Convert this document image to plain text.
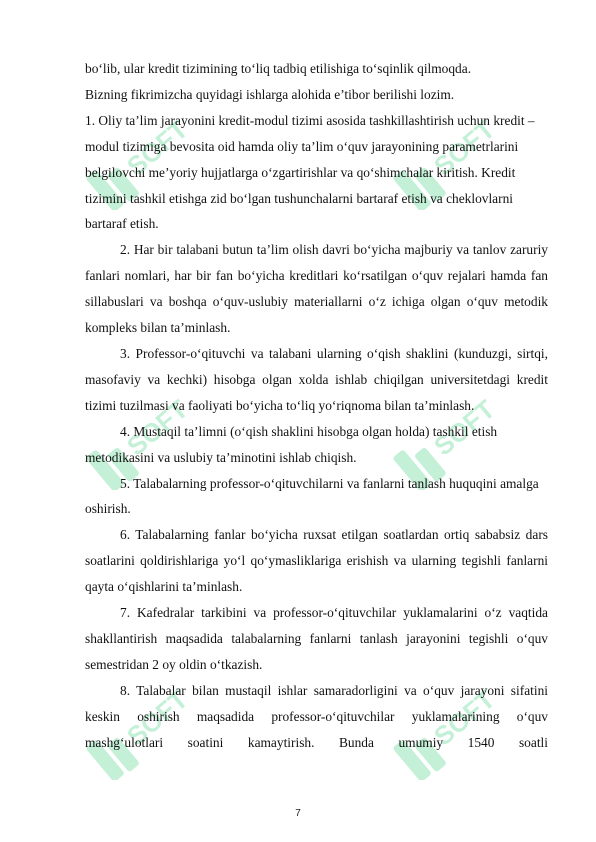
SOFT	SOFT
SOFT	SOFT
SOFT	SOFT

bo‘lib, ular kredit tizimining to‘liq tadbiq etilishiga to‘sqinlik qilmoqda.

Bizning fikrimizcha quyidagi ishlarga alohida e’tibor berilishi lozim.

1. Oliy ta’lim jarayonini kredit-modul tizimi asosida tashkillashtirish uchun kredit – modul tizimiga bevosita oid hamda oliy ta’lim o‘quv jarayonining parametrlarini belgilovchi me’yoriy hujjatlarga o‘zgartirishlar va qo‘shimchalar kiritish. Kredit tizimini tashkil etishga zid bo‘lgan tushunchalarni bartaraf etish va cheklovlarni bartaraf etish.

2. Har bir talabani butun ta’lim olish davri bo‘yicha majburiy va tanlov zaruriy fanlari nomlari, har bir fan bo‘yicha kreditlari ko‘rsatilgan o‘quv rejalari hamda fan sillabuslari va boshqa o‘quv-uslubiy materiallarni o‘z ichiga olgan o‘quv metodik kompleks bilan ta’minlash.

3. Professor-o‘qituvchi va talabani ularning o‘qish shaklini (kunduzgi, sirtqi, masofaviy va kechki) hisobga olgan xolda ishlab chiqilgan universitetdagi kredit tizimi tuzilmasi va faoliyati bo‘yicha to‘liq yo‘riqnoma bilan ta’minlash.

4. Mustaqil ta’limni (o‘qish shaklini hisobga olgan holda) tashkil etish metodikasini va uslubiy ta’minotini ishlab chiqish.

5. Talabalarning professor-o‘qituvchilarni va fanlarni tanlash huquqini amalga oshirish.

6. Talabalarning fanlar bo‘yicha ruxsat etilgan soatlardan ortiq sababsiz dars soatlarini qoldirishlariga yo‘l qo‘ymasliklariga erishish va ularning tegishli fanlarni qayta o‘qishlarini ta’minlash.

7. Kafedralar tarkibini va professor-o‘qituvchilar yuklamalarini o‘z vaqtida shakllantirish maqsadida talabalarning fanlarni tanlash jarayonini tegishli o‘quv semestridan 2 oy oldin o‘tkazish.

8. Talabalar bilan mustaqil ishlar samaradorligini va o‘quv jarayoni sifatini keskin oshirish maqsadida professor-o‘qituvchilar yuklamalarining o‘quv mashg‘ulotlari soatini kamaytirish. Bunda umumiy 1540 soatli

7
